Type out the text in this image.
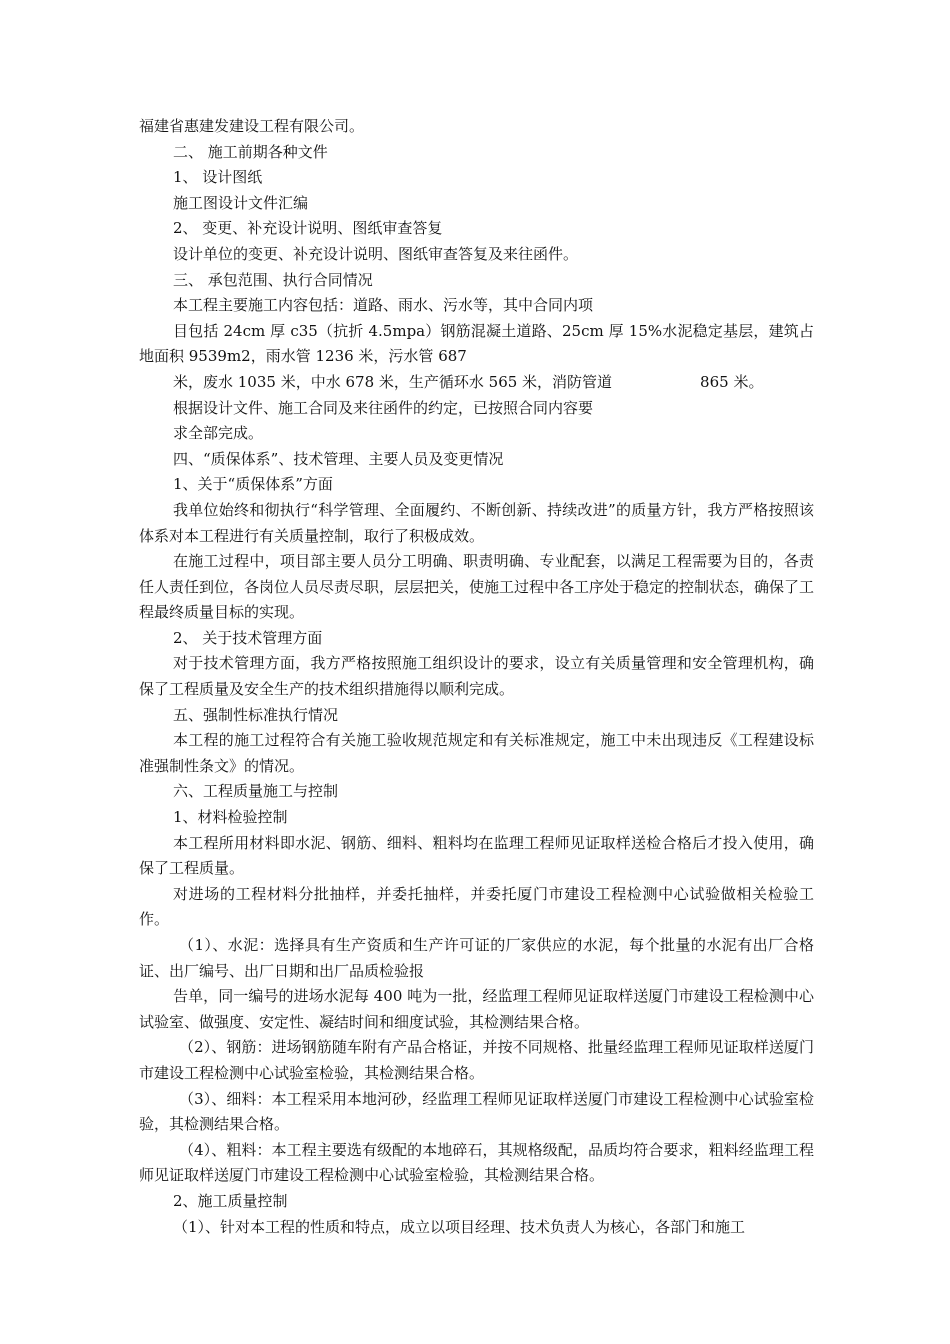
福建省惠建发建设工程有限公司。
二、 施工前期各种文件
1、 设计图纸
施工图设计文件汇编
2、 变更、补充设计说明、图纸审查答复
设计单位的变更、补充设计说明、图纸审查答复及来往函件。
三、 承包范围、执行合同情况
本工程主要施工内容包括：道路、雨水、污水等，其中合同内项
目包括 24cm 厚 c35（抗折 4.5mpa）钢筋混凝土道路、25cm 厚 15%水泥稳定基层，建筑占地面积 9539m2，雨水管 1236 米，污水管 687
米，废水 1035 米，中水 678 米，生产循环水 565 米，消防管道	865 米。
根据设计文件、施工合同及来往函件的约定，已按照合同内容要
求全部完成。
四、“质保体系”、技术管理、主要人员及变更情况
1、关于“质保体系”方面
我单位始终和彻执行“科学管理、全面履约、不断创新、持续改进”的质量方针，我方严格按照该体系对本工程进行有关质量控制，取行了积极成效。
在施工过程中，项目部主要人员分工明确、职责明确、专业配套，以满足工程需要为目的，各责任人责任到位，各岗位人员尽责尽职，层层把关，使施工过程中各工序处于稳定的控制状态，确保了工程最终质量目标的实现。
2、 关于技术管理方面
对于技术管理方面，我方严格按照施工组织设计的要求，设立有关质量管理和安全管理机构，确保了工程质量及安全生产的技术组织措施得以顺利完成。
五、强制性标准执行情况
本工程的施工过程符合有关施工验收规范规定和有关标准规定，施工中未出现违反《工程建设标准强制性条文》的情况。
六、工程质量施工与控制
1、材料检验控制
本工程所用材料即水泥、钢筋、细料、粗料均在监理工程师见证取样送检合格后才投入使用，确保了工程质量。
对进场的工程材料分批抽样，并委托抽样，并委托厦门市建设工程检测中心试验做相关检验工作。
（1）、水泥：选择具有生产资质和生产许可证的厂家供应的水泥，每个批量的水泥有出厂合格证、出厂编号、出厂日期和出厂品质检验报
告单，同一编号的进场水泥每 400 吨为一批，经监理工程师见证取样送厦门市建设工程检测中心试验室、做强度、安定性、凝结时间和细度试验，其检测结果合格。
（2）、钢筋：进场钢筋随车附有产品合格证，并按不同规格、批量经监理工程师见证取样送厦门市建设工程检测中心试验室检验，其检测结果合格。
（3）、细料：本工程采用本地河砂，经监理工程师见证取样送厦门市建设工程检测中心试验室检验，其检测结果合格。
（4）、粗料：本工程主要选有级配的本地碎石，其规格级配，品质均符合要求，粗料经监理工程师见证取样送厦门市建设工程检测中心试验室检验，其检测结果合格。
2、施工质量控制
（1）、针对本工程的性质和特点，成立以项目经理、技术负责人为核心，各部门和施工
